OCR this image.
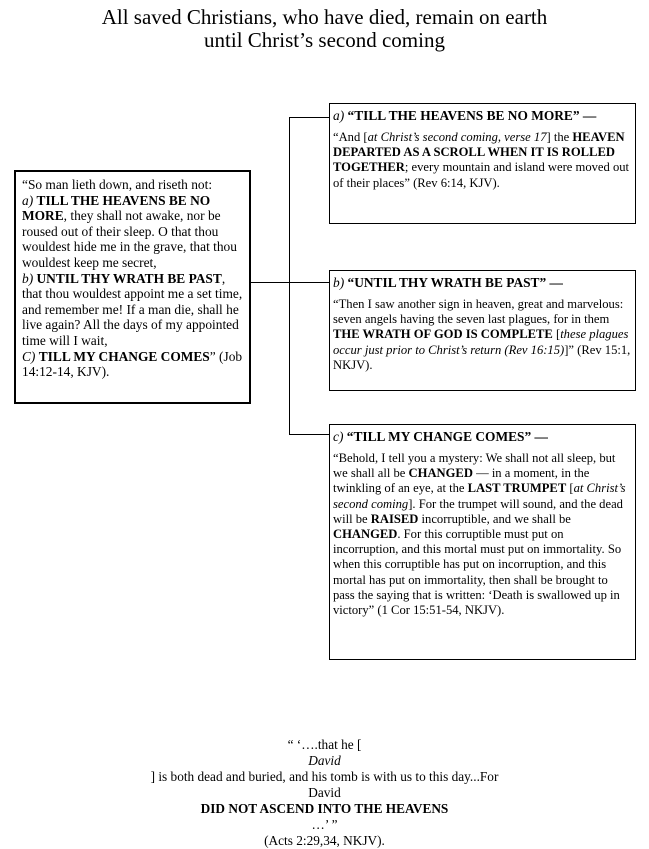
All saved Christians, who have died, remain on earth
until Christ’s second coming
“So man lieth down, and riseth not:
a) TILL THE HEAVENS BE NO MORE, they shall not awake, nor be roused out of their sleep. O that thou wouldest hide me in the grave, that thou wouldest keep me secret,
b) UNTIL THY WRATH BE PAST, that thou wouldest appoint me a set time, and remember me! If a man die, shall he live again? All the days of my appointed time will I wait,
C) TILL MY CHANGE COMES” (Job 14:12-14, KJV).
a) “TILL THE HEAVENS BE NO MORE” —
“And [at Christ’s second coming, verse 17] the HEAVEN DEPARTED AS A SCROLL WHEN IT IS ROLLED TOGETHER; every mountain and island were moved out of their places” (Rev 6:14, KJV).
b) “UNTIL THY WRATH BE PAST” —
“Then I saw another sign in heaven, great and marvelous: seven angels having the seven last plagues, for in them THE WRATH OF GOD IS COMPLETE [these plagues occur just prior to Christ’s return (Rev 16:15)]” (Rev 15:1, NKJV).
c) “TILL MY CHANGE COMES” —
“Behold, I tell you a mystery: We shall not all sleep, but we shall all be CHANGED — in a moment, in the twinkling of an eye, at the LAST TRUMPET [at Christ’s second coming]. For the trumpet will sound, and the dead will be RAISED incorruptible, and we shall be CHANGED. For this corruptible must put on incorruption, and this mortal must put on immortality. So when this corruptible has put on incorruption, and this mortal has put on immortality, then shall be brought to pass the saying that is written: ‘Death is swallowed up in victory” (1 Cor 15:51-54, NKJV).
“ ‘….that he [
David
] is both dead and buried, and his tomb is with us to this day...For
David
DID NOT ASCEND INTO THE HEAVENS
…’ ”
(Acts 2:29,34, NKJV).
